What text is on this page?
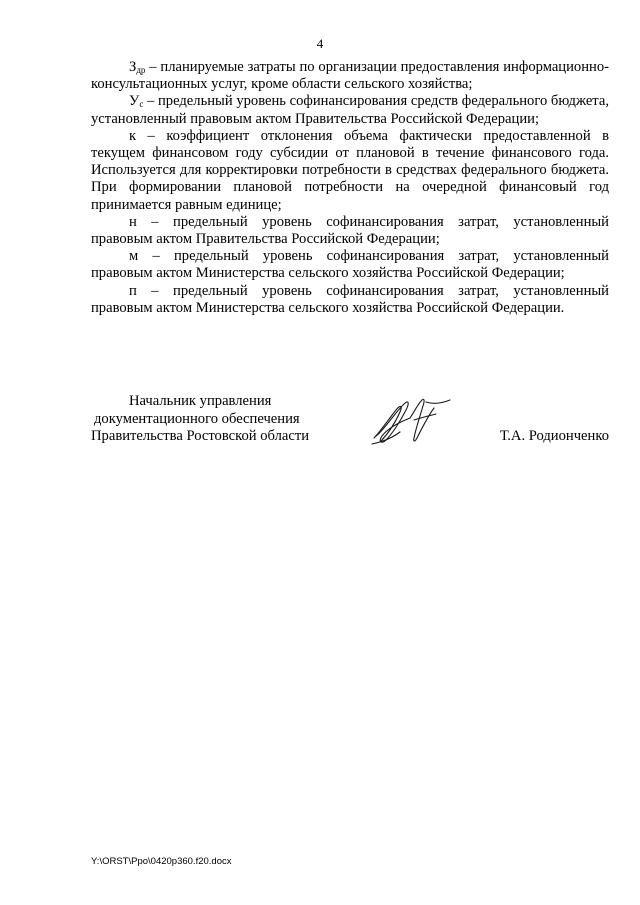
4

$З_{др}$ – планируемые затраты по организации предоставления информационно-консультационных услуг, кроме области сельского хозяйства;

$У_c$ – предельный уровень софинансирования средств федерального бюджета, установленный правовым актом Правительства Российской Федерации;

к – коэффициент отклонения объема фактически предоставленной в текущем финансовом году субсидии от плановой в течение финансового года. Используется для корректировки потребности в средствах федерального бюджета. При формировании плановой потребности на очередной финансовый год принимается равным единице;

н – предельный уровень софинансирования затрат, установленный правовым актом Правительства Российской Федерации;

м – предельный уровень софинансирования затрат, установленный правовым актом Министерства сельского хозяйства Российской Федерации;

п – предельный уровень софинансирования затрат, установленный правовым актом Министерства сельского хозяйства Российской Федерации.

Начальник управления
документационного обеспечения
Правительства Ростовской области	Т.А. Родионченко
Y:\ORST\Ppo\0420p360.f20.docx
